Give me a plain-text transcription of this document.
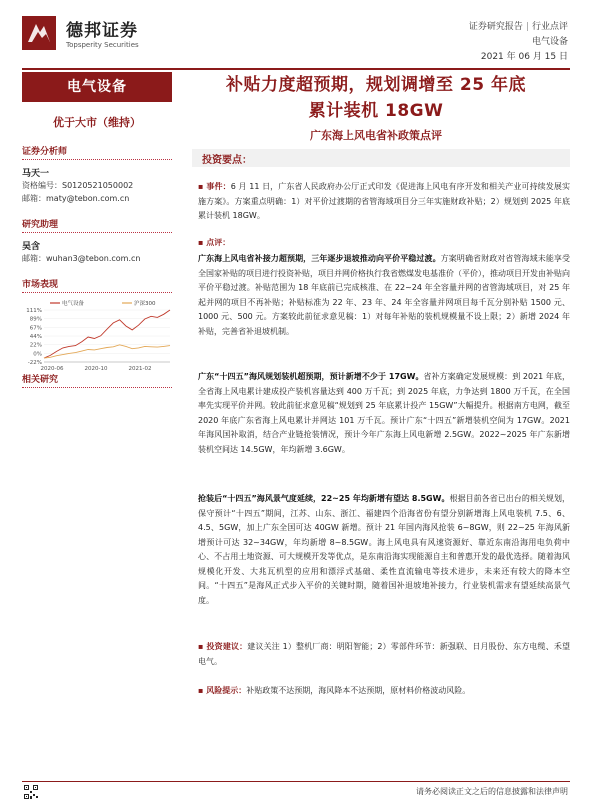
德邦证券
Topsperity Securities
证券研究报告 | 行业点评
电气设备
2021 年 06 月 15 日
电气设备
优于大市（维持）
证券分析师
马天一
资格编号：S0120521050002
邮箱：maty@tebon.com.cn
研究助理
吴含
邮箱：wuhan3@tebon.com.cn
市场表现
111%
89%
67%
44%
22%
0%
-22%
2020-06	2020-10	2021-02
电气设备	沪深300
相关研究
补贴力度超预期，规划调增至 25 年底
累计装机 18GW
广东海上风电省补政策点评
投资要点：
▪ 事件：6 月 11 日，广东省人民政府办公厅正式印发《促进海上风电有序开发和相关产业可持续发展实施方案》。方案重点明确：1）对平价过渡期的省管海域项目分三年实施财政补贴；2）规划到 2025 年底累计装机 18GW。
▪ 点评：
广东海上风电省补接力超预期，三年逐步退坡推动向平价平稳过渡。方案明确省财政对省管海域未能享受全国家补贴的项目进行投资补贴，项目并网价格执行我省燃煤发电基准价（平价），推动项目开发由补贴向平价平稳过渡。补贴范围为 18 年底前已完成核准、在 22~24 年全容量并网的省管海域项目，对 25 年起并网的项目不再补贴；补贴标准为 22 年、23 年、24 年全容量并网项目每千瓦分别补贴 1500 元、1000 元、500 元。方案较此前征求意见稿：1）对每年补贴的装机规模量不设上限；2）新增 2024 年补贴，完善省补退坡机制。
广东“十四五”海风规划装机超预期，预计新增不少于 17GW。省补方案确定发展规模：到 2021 年底，全省海上风电累计建成投产装机容量达到 400 万千瓦；到 2025 年底，力争达到 1800 万千瓦，在全国率先实现平价并网。较此前征求意见稿“规划到 25 年底累计投产 15GW”大幅提升。根据南方电网，截至 2020 年底广东省海上风电累计并网达 101 万千瓦。预计广东“十四五”新增装机空间为 17GW。2021 年海风国补取消，结合产业链抢装情况，预计今年广东海上风电新增 2.5GW。2022~2025 年广东新增装机空间达 14.5GW，年均新增 3.6GW。
抢装后“十四五”海风景气度延续，22~25 年均新增有望达 8.5GW。根据目前各省已出台的相关规划，保守预计“十四五”期间，江苏、山东、浙江、福建四个沿海省份有望分别新增海上风电装机 7.5、6、4.5、5GW，加上广东全国可达 40GW 新增。预计 21 年国内海风抢装 6~8GW，则 22~25 年海风新增预计可达 32~34GW，年均新增 8~8.5GW。海上风电具有风速资源好、靠近东南沿海用电负荷中心、不占用土地资源、可大规模开发等优点，是东南沿海实现能源自主和普惠开发的最优选择。随着海风规模化开发、大兆瓦机型的应用和漂浮式基础、柔性直流输电等技术进步，未来还有较大的降本空间。“十四五”是海风正式步入平价的关键时期，随着国补退坡地补接力，行业装机需求有望延续高景气度。
▪ 投资建议：建议关注 1）整机厂商：明阳智能；2）零部件环节：新强联、日月股份、东方电缆、禾望电气。
▪ 风险提示：补贴政策不达预期，海风降本不达预期，原材料价格波动风险。
请务必阅读正文之后的信息披露和法律声明
